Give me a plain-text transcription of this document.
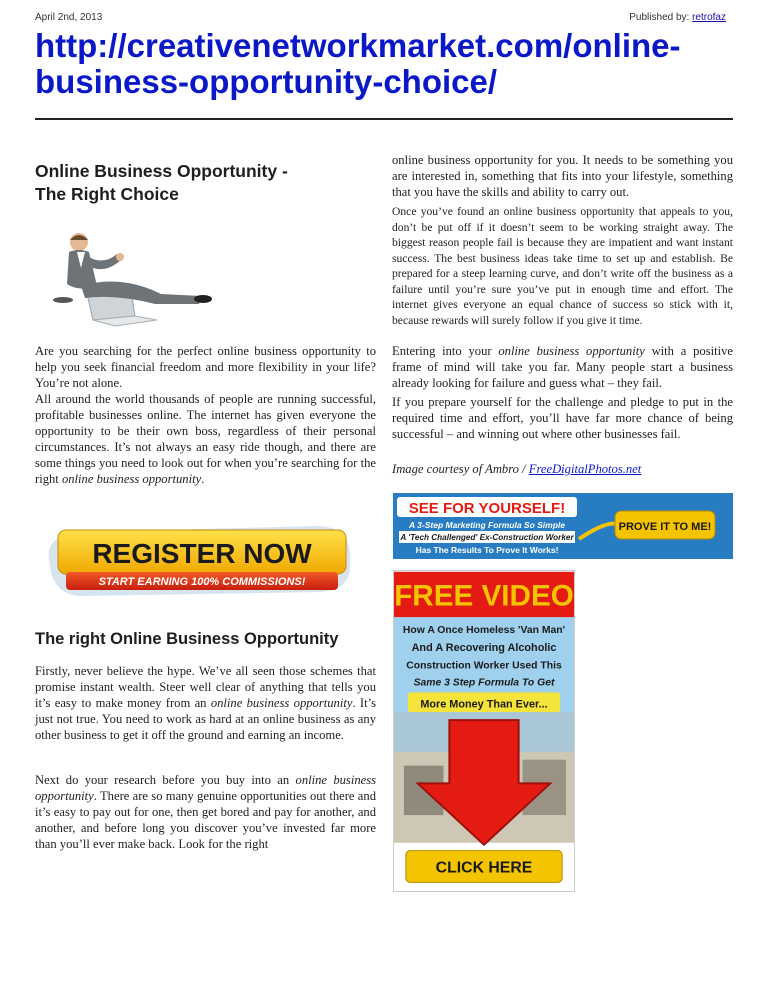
April 2nd, 2013	Published by: retrofaz
http://creativenetworkmarket.com/online-business-opportunity-choice/
Online Business Opportunity -
The Right Choice

Are you searching for the perfect online business opportunity to help you seek financial freedom and more flexibility in your life? You’re not alone.

All around the world thousands of people are running successful, profitable businesses online. The internet has given everyone the opportunity to be their own boss, regardless of their personal circumstances. It’s not always an easy ride though, and there are some things you need to look out for when you’re searching for the right online business opportunity.

REGISTER NOW
START EARNING 100% COMMISSIONS!
The right Online Business Opportunity

Firstly, never believe the hype. We’ve all seen those schemes that promise instant wealth. Steer well clear of anything that tells you it’s easy to make money from an online business opportunity. It’s just not true. You need to work as hard at an online business as any other business to get it off the ground and earning an income.

Next do your research before you buy into an online business opportunity. There are so many genuine opportunities out there and it’s easy to pay out for one, then get bored and pay for another, and another, and before long you discover you’ve invested far more than you’ll ever make back. Look for the right

online business opportunity for you. It needs to be something you are interested in, something that fits into your lifestyle, something that you have the skills and ability to carry out.

Once you’ve found an online business opportunity that appeals to you, don’t be put off if it doesn’t seem to be working straight away. The biggest reason people fail is because they are impatient and want instant success. The best business ideas take time to set up and establish. Be prepared for a steep learning curve, and don’t write off the business as a failure until you’re sure you’ve put in enough time and effort. The internet gives everyone an equal chance of success so stick with it, because rewards will surely follow if you give it time.

Entering into your online business opportunity with a positive frame of mind will take you far. Many people start a business already looking for failure and guess what – they fail.

If you prepare yourself for the challenge and pledge to put in the required time and effort, you’ll have far more chance of being successful – and winning out where other businesses fail.

Image courtesy of Ambro / FreeDigitalPhotos.net

SEE FOR YOURSELF!
A 3-Step Marketing Formula So Simple
A 'Tech Challenged' Ex-Construction Worker
Has The Results To Prove It Works!
PROVE IT TO ME!
FREE VIDEO
How A Once Homeless 'Van Man'
And A Recovering Alcoholic
Construction Worker Used This
Same 3 Step Formula To Get
More Money Than Ever...
CLICK HERE
